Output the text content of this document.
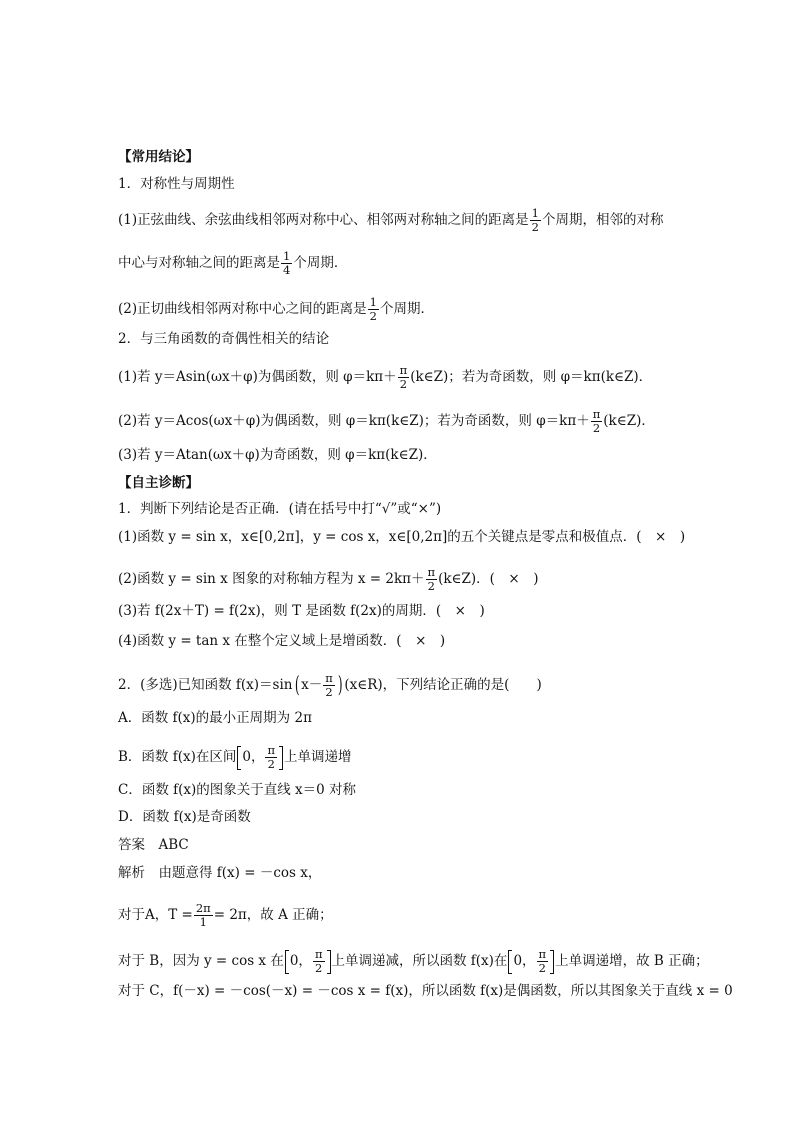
【常用结论】
1．对称性与周期性
(1)正弦曲线、余弦曲线相邻两对称中心、相邻两对称轴之间的距离是 $\frac{1}{2}$ 个周期，相邻的对称
中心与对称轴之间的距离是 $\frac{1}{4}$ 个周期．
(2)正切曲线相邻两对称中心之间的距离是 $\frac{1}{2}$ 个周期．
2．与三角函数的奇偶性相关的结论
(1)若 y＝Asin(ωx＋φ)为偶函数，则 $\varphi=k\pi+ \frac{\pi}{2}$ (k∈Z)；若为奇函数，则 φ＝kπ(k∈Z)．
(2)若 y＝Acos(ωx＋φ)为偶函数，则 φ＝kπ(k∈Z)；若为奇函数，则 $\varphi=k\pi+ \frac{\pi}{2}$ (k∈Z)．
(3)若 y＝Atan(ωx＋φ)为奇函数，则 φ＝kπ(k∈Z)．
【自主诊断】
1．判断下列结论是否正确．(请在括号中打“√”或“×”)
(1)函数 y = sin x，x∈[0,2π]，y = cos x，x∈[0,2π]的五个关键点是零点和极值点．(　×　)
(2)函数 y = sin x 图象的对称轴方程为 $x = 2k\pi+ \frac{\pi}{2}$ (k∈Z)．(　×　)
(3)若 f(2x＋T) = f(2x)，则 T 是函数 f(2x)的周期．(　×　)
(4)函数 y = tan x 在整个定义域上是增函数．(　×　)
2．(多选)已知函数 f(x)＝sin( $x- \frac{\pi}{2}$ ) (x∈R)，下列结论正确的是(　　)
A．函数 f(x)的最小正周期为 2π
B．函数 f(x)在区间 0， $\frac{\pi}{2}$ 上单调递增
C．函数 f(x)的图象关于直线 x＝0 对称
D．函数 f(x)是奇函数
答案　ABC
解析　由题意得 f(x) = －cos x，
对于A，$T = \frac{2\pi}{1} = 2\pi$，故 A 正确；
对于 B，因为 y = cos x 在 0， $\frac{\pi}{2}$ 上单调递减，所以函数 f(x)在 0， $\frac{\pi}{2}$ 上单调递增，故 B 正确；
对于 C，f(－x) = －cos(－x) = －cos x = f(x)，所以函数 f(x)是偶函数，所以其图象关于直线 x = 0
